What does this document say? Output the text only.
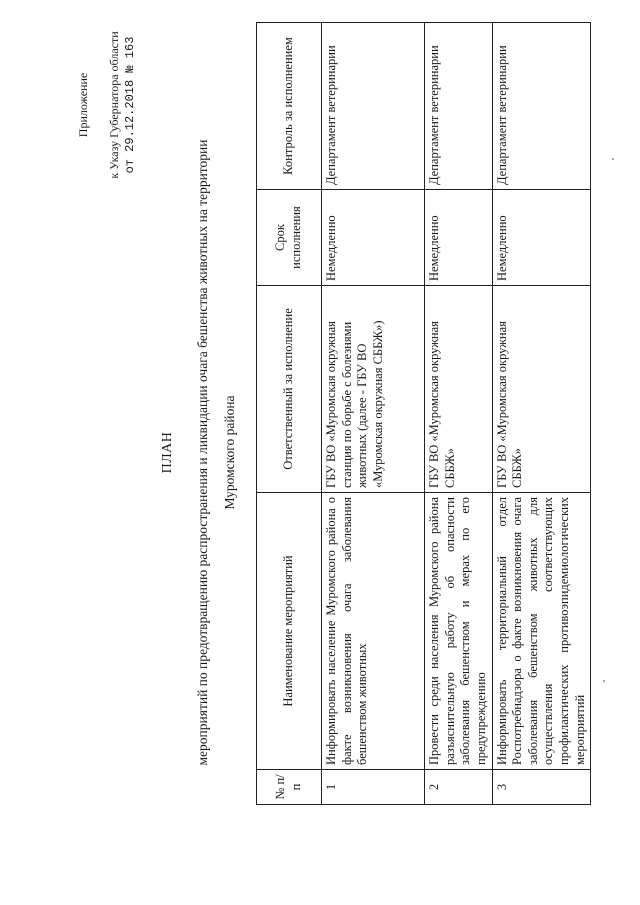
Приложение к Указу Губернатора области от 29.12.2018 № 163
ПЛАН мероприятий по предотвращению распространения и ликвидации очага бешенства животных на территории Муромского района
№ п/п	Наименование мероприятий	Ответственный за исполнение	Срок исполнения	Контроль за исполнением
1	Информировать население Муромского района о факте возникновения очага заболевания бешенством животных	ГБУ ВО «Муромская окружная станция по борьбе с болезнями животных (далее - ГБУ ВО «Муромская окружная СББЖ»)	Немедленно	Департамент ветеринарии
2	Провести среди населения Муромского района разъяснительную работу об опасности заболевания бешенством и мерах по его предупреждению	ГБУ ВО «Муромская окружная СББЖ»	Немедленно	Департамент ветеринарии
3	Информировать территориальный отдел Роспотребнадзора о факте возникновения очага заболевания бешенством животных для осуществления соответствующих профилактических противоэпидемиологических мероприятий	ГБУ ВО «Муромская окружная СББЖ»	Немедленно	Департамент ветеринарии
